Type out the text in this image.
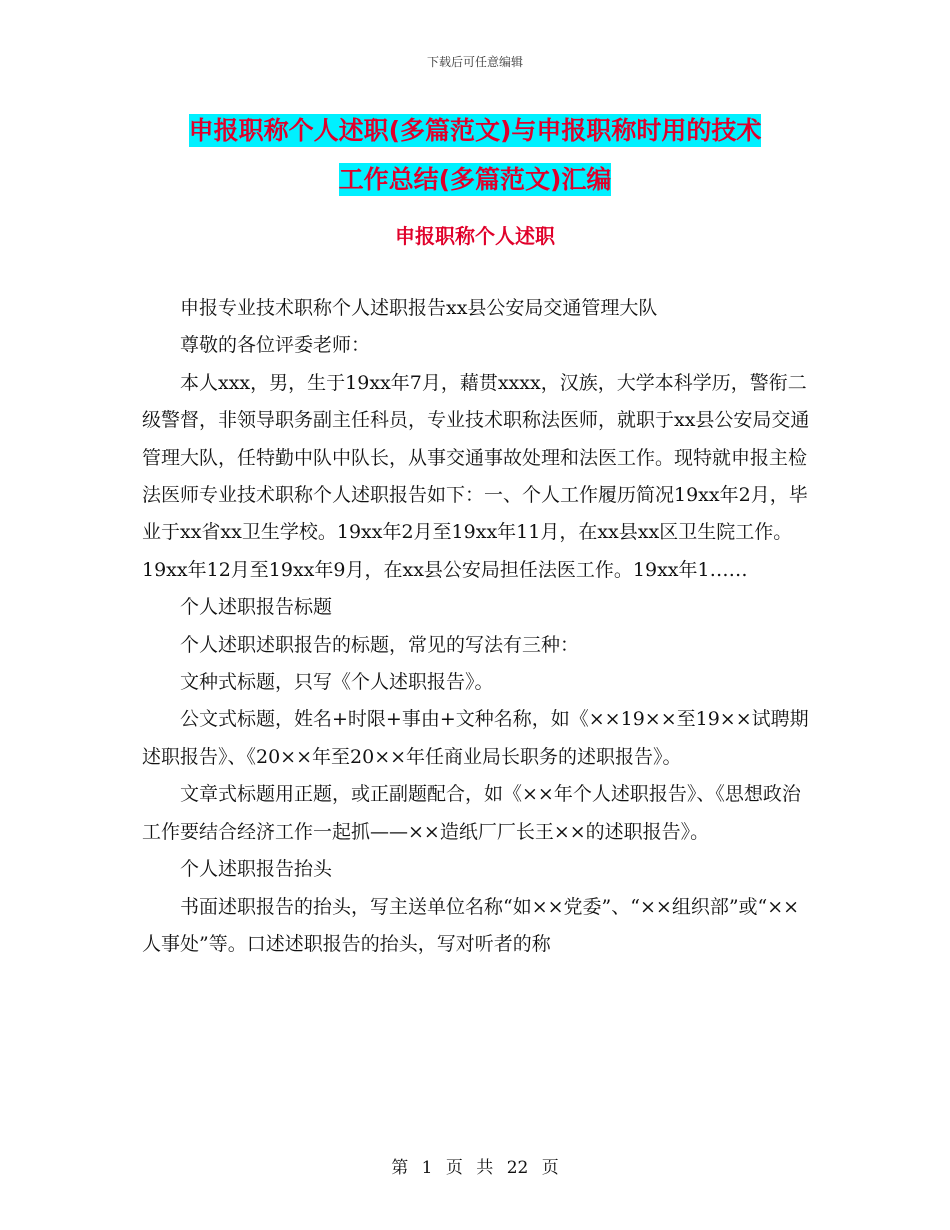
下载后可任意编辑
申报职称个人述职(多篇范文)与申报职称时用的技术
工作总结(多篇范文)汇编
申报职称个人述职

申报专业技术职称个人述职报告xx县公安局交通管理大队

尊敬的各位评委老师：

本人xxx，男，生于19xx年7月，藉贯xxxx，汉族，大学本科学历，警衔二级警督，非领导职务副主任科员，专业技术职称法医师，就职于xx县公安局交通管理大队，任特勤中队中队长，从事交通事故处理和法医工作。现特就申报主检法医师专业技术职称个人述职报告如下：一、个人工作履历简况19xx年2月，毕业于xx省xx卫生学校。19xx年2月至19xx年11月，在xx县xx区卫生院工作。19xx年12月至19xx年9月，在xx县公安局担任法医工作。19xx年1……

个人述职报告标题

个人述职述职报告的标题，常见的写法有三种：

文种式标题，只写《个人述职报告》。

公文式标题，姓名+时限+事由+文种名称，如《××19××至19××试聘期述职报告》、《20××年至20××年任商业局长职务的述职报告》。

文章式标题用正题，或正副题配合，如《××年个人述职报告》、《思想政治工作要结合经济工作一起抓——××造纸厂厂长王××的述职报告》。

个人述职报告抬头

书面述职报告的抬头，写主送单位名称“如××党委”、“××组织部”或“××人事处”等。口述述职报告的抬头，写对听者的称

第 1 页 共 22 页
